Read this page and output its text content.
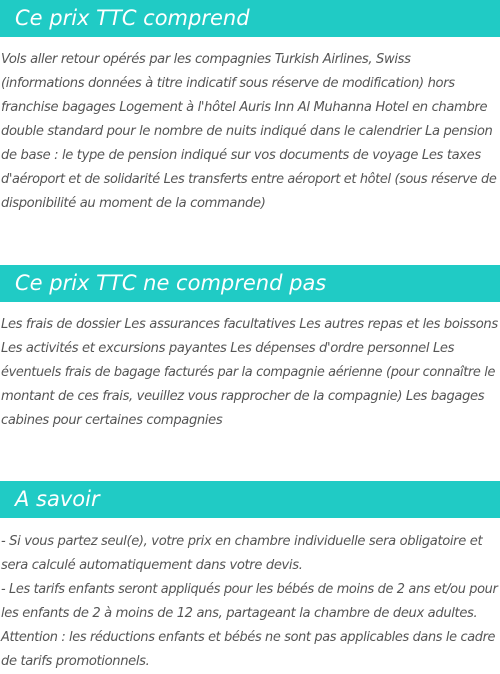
Ce prix TTC comprend
Vols aller retour opérés par les compagnies Turkish Airlines, Swiss
(informations données à titre indicatif sous réserve de modification) hors
franchise bagages Logement à l'hôtel Auris Inn Al Muhanna Hotel en chambre
double standard pour le nombre de nuits indiqué dans le calendrier La pension
de base : le type de pension indiqué sur vos documents de voyage Les taxes
d'aéroport et de solidarité Les transferts entre aéroport et hôtel (sous réserve de
disponibilité au moment de la commande)
Ce prix TTC ne comprend pas
Les frais de dossier Les assurances facultatives Les autres repas et les boissons
Les activités et excursions payantes Les dépenses d'ordre personnel Les
éventuels frais de bagage facturés par la compagnie aérienne (pour connaître le
montant de ces frais, veuillez vous rapprocher de la compagnie) Les bagages
cabines pour certaines compagnies
A savoir
- Si vous partez seul(e), votre prix en chambre individuelle sera obligatoire et
sera calculé automatiquement dans votre devis.
- Les tarifs enfants seront appliqués pour les bébés de moins de 2 ans et/ou pour
les enfants de 2 à moins de 12 ans, partageant la chambre de deux adultes.
Attention : les réductions enfants et bébés ne sont pas applicables dans le cadre
de tarifs promotionnels.
